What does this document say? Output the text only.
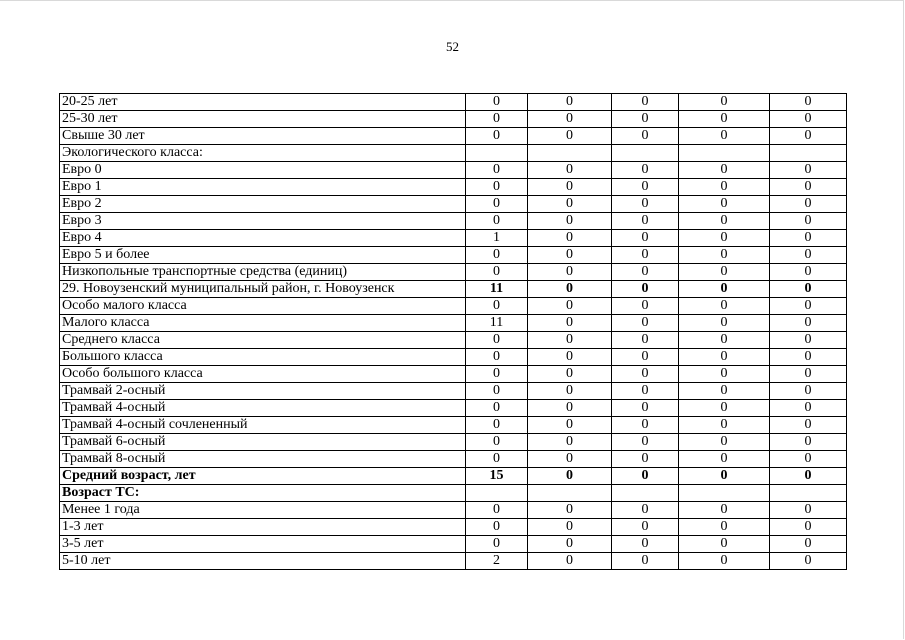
52
20-25 лет	0	0	0	0	0
25-30 лет	0	0	0	0	0
Свыше 30 лет	0	0	0	0	0
Экологического класса:					
Евро 0	0	0	0	0	0
Евро 1	0	0	0	0	0
Евро 2	0	0	0	0	0
Евро 3	0	0	0	0	0
Евро 4	1	0	0	0	0
Евро 5 и более	0	0	0	0	0
Низкопольные транспортные средства (единиц)	0	0	0	0	0
29. Новоузенский муниципальный район, г. Новоузенск	11	0	0	0	0
Особо малого класса	0	0	0	0	0
Малого класса	11	0	0	0	0
Среднего класса	0	0	0	0	0
Большого класса	0	0	0	0	0
Особо большого класса	0	0	0	0	0
Трамвай 2-осный	0	0	0	0	0
Трамвай 4-осный	0	0	0	0	0
Трамвай 4-осный сочлененный	0	0	0	0	0
Трамвай 6-осный	0	0	0	0	0
Трамвай 8-осный	0	0	0	0	0
Средний возраст, лет	15	0	0	0	0
Возраст ТС:					
Менее 1 года	0	0	0	0	0
1-3 лет	0	0	0	0	0
3-5 лет	0	0	0	0	0
5-10 лет	2	0	0	0	0
